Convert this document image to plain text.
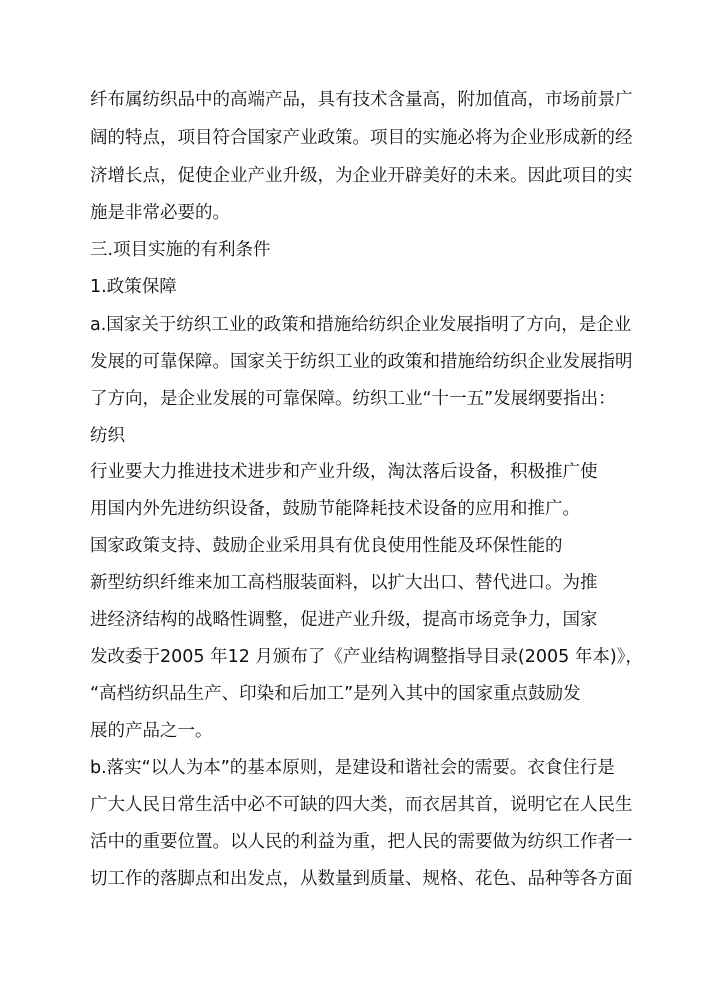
纤布属纺织品中的高端产品，具有技术含量高，附加值高，市场前景广
阔的特点，项目符合国家产业政策。项目的实施必将为企业形成新的经
济增长点，促使企业产业升级，为企业开辟美好的未来。因此项目的实
施是非常必要的。
三.项目实施的有利条件
1.政策保障
a.国家关于纺织工业的政策和措施给纺织企业发展指明了方向，是企业
发展的可靠保障。国家关于纺织工业的政策和措施给纺织企业发展指明
了方向，是企业发展的可靠保障。纺织工业“十一五”发展纲要指出：
纺织
行业要大力推进技术进步和产业升级，淘汰落后设备，积极推广使
用国内外先进纺织设备，鼓励节能降耗技术设备的应用和推广。
国家政策支持、鼓励企业采用具有优良使用性能及环保性能的
新型纺织纤维来加工高档服装面料，以扩大出口、替代进口。为推
进经济结构的战略性调整，促进产业升级，提高市场竞争力，国家
发改委于2005 年12 月颁布了《产业结构调整指导目录(2005 年本)》，
“高档纺织品生产、印染和后加工”是列入其中的国家重点鼓励发
展的产品之一。
b.落实“以人为本”的基本原则，是建设和谐社会的需要。衣食住行是
广大人民日常生活中必不可缺的四大类，而衣居其首，说明它在人民生
活中的重要位置。以人民的利益为重，把人民的需要做为纺织工作者一
切工作的落脚点和出发点，从数量到质量、规格、花色、品种等各方面
